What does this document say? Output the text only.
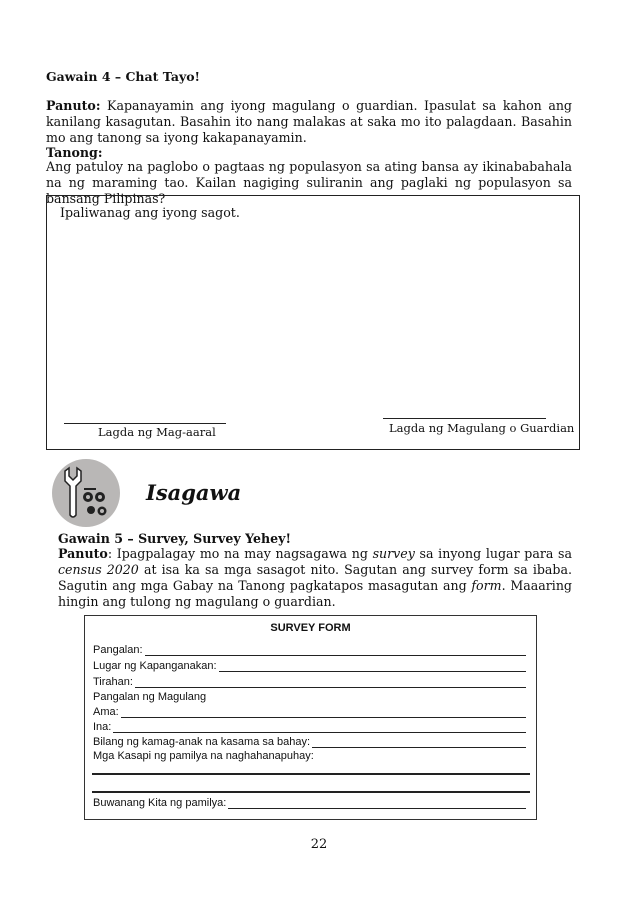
Gawain 4 – Chat Tayo!
Panuto: Kapanayamin ang iyong magulang o guardian. Ipasulat sa kahon ang kanilang kasagutan. Basahin ito nang malakas at saka mo ito palagdaan. Basahin mo ang tanong sa iyong kakapanayamin.
Tanong:
Ang patuloy na paglobo o pagtaas ng populasyon sa ating bansa ay ikinababahala na ng maraming tao. Kailan nagiging suliranin ang paglaki ng populasyon sa bansang Pilipinas?
Ipaliwanag ang iyong sagot.
Lagda ng Mag-aaral	Lagda ng Magulang o Guardian
Isagawa
Gawain 5 – Survey, Survey Yehey!
Panuto: Ipagpalagay mo na may nagsagawa ng survey sa inyong lugar para sa census 2020 at isa ka sa mga sasagot nito. Sagutan ang survey form sa ibaba. Sagutin ang mga Gabay na Tanong pagkatapos masagutan ang form. Maaaring hingin ang tulong ng magulang o guardian.
SURVEY FORM
Pangalan:
Lugar ng Kapanganakan:
Tirahan:
Pangalan ng Magulang
Ama:
Ina:
Bilang ng kamag-anak na kasama sa bahay:
Mga Kasapi ng pamilya na naghahanapuhay:
Buwanang Kita ng pamilya:
22
